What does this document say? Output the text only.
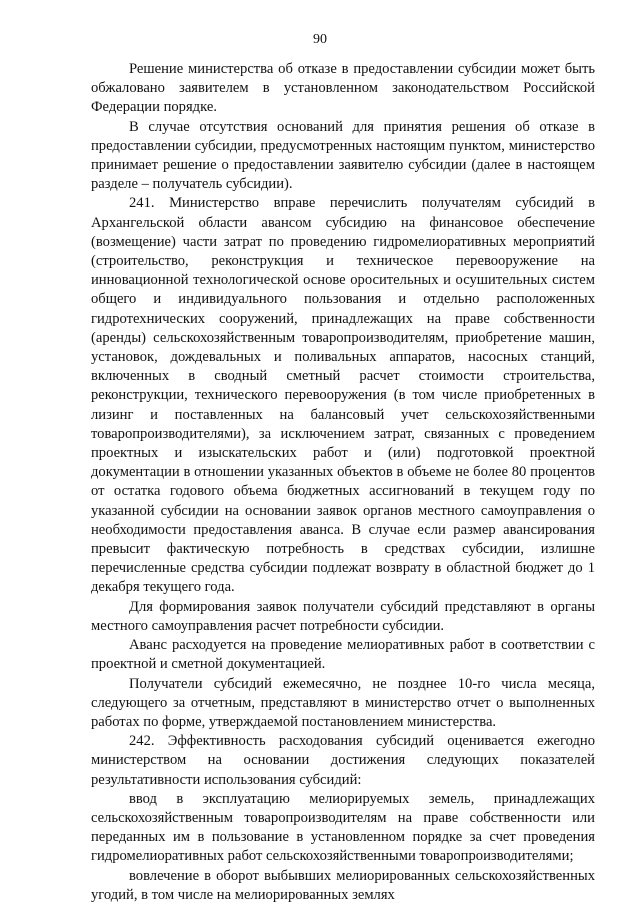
90

Решение министерства об отказе в предоставлении субсидии может быть обжаловано заявителем в установленном законодательством Российской Федерации порядке.

В случае отсутствия оснований для принятия решения об отказе в предоставлении субсидии, предусмотренных настоящим пунктом, министерство принимает решение о предоставлении заявителю субсидии (далее в настоящем разделе – получатель субсидии).

241. Министерство вправе перечислить получателям субсидий в Архангельской области авансом субсидию на финансовое обеспечение (возмещение) части затрат по проведению гидромелиоративных мероприятий (строительство, реконструкция и техническое перевооружение на инновационной технологической основе оросительных и осушительных систем общего и индивидуального пользования и отдельно расположенных гидротехнических сооружений, принадлежащих на праве собственности (аренды) сельскохозяйственным товаропроизводителям, приобретение машин, установок, дождевальных и поливальных аппаратов, насосных станций, включенных в сводный сметный расчет стоимости строительства, реконструкции, технического перевооружения (в том числе приобретенных в лизинг и поставленных на балансовый учет сельскохозяйственными товаропроизводителями), за исключением затрат, связанных с проведением проектных и изыскательских работ и (или) подготовкой проектной документации в отношении указанных объектов в объеме не более 80 процентов от остатка годового объема бюджетных ассигнований в текущем году по указанной субсидии на основании заявок органов местного самоуправления о необходимости предоставления аванса. В случае если размер авансирования превысит фактическую потребность в средствах субсидии, излишне перечисленные средства субсидии подлежат возврату в областной бюджет до 1 декабря текущего года.

Для формирования заявок получатели субсидий представляют в органы местного самоуправления расчет потребности субсидии.

Аванс расходуется на проведение мелиоративных работ в соответствии с проектной и сметной документацией.

Получатели субсидий ежемесячно, не позднее 10-го числа месяца, следующего за отчетным, представляют в министерство отчет о выполненных работах по форме, утверждаемой постановлением министерства.

242. Эффективность расходования субсидий оценивается ежегодно министерством на основании достижения следующих показателей результативности использования субсидий:

ввод в эксплуатацию мелиорируемых земель, принадлежащих сельскохозяйственным товаропроизводителям на праве собственности или переданных им в пользование в установленном порядке за счет проведения гидромелиоративных работ сельскохозяйственными товаропроизводителями;

вовлечение в оборот выбывших мелиорированных сельскохозяйственных угодий, в том числе на мелиорированных землях
